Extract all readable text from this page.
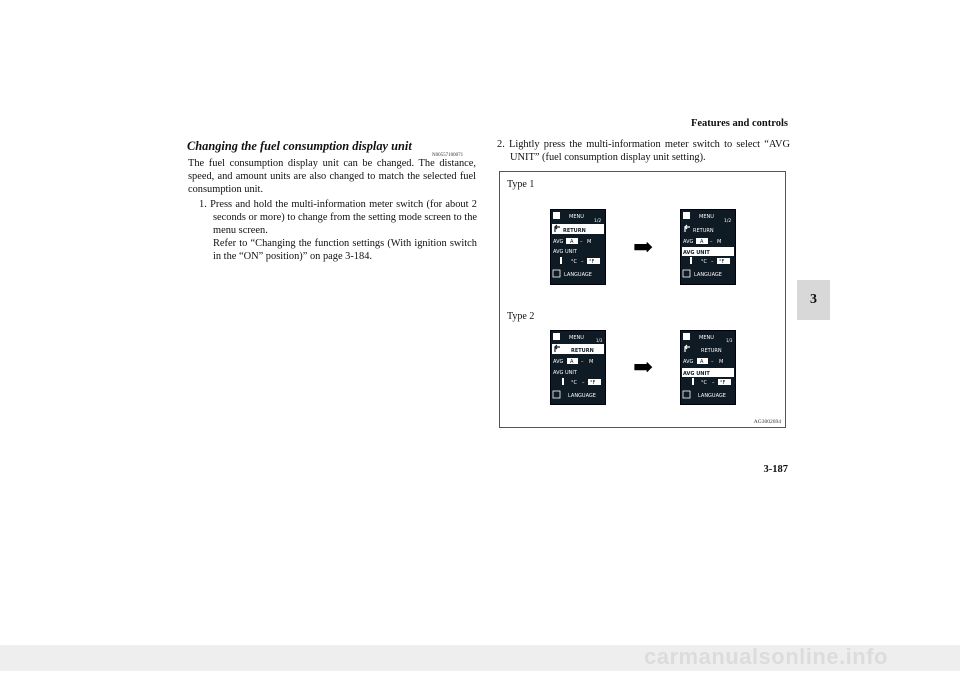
Features and controls
3
3-187
Changing the fuel consumption display unit
N00557100071
The fuel consumption display unit can be changed. The distance, speed, and amount units are also changed to match the selected fuel consumption unit.
1. Press and hold the multi-information meter switch (for about 2 seconds or more) to change from the setting mode screen to the menu screen.
Refer to “Changing the function settings (With ignition switch in the “ON” position)” on page 3-184.
2. Lightly press the multi-information meter switch to select “AVG UNIT” (fuel consumption display unit setting).
Type 1
Type 2
AG3002694
MENU
1/2
RETURN
AVG A – M
AVG UNIT
°C – °F
LANGUAGE
➡
MENU
1/2
RETURN
AVG A – M
AVG UNIT
°C – °F
LANGUAGE
MENU	1/3
RETURN
AVG A – M
AVG UNIT
°C – °F
LANGUAGE
➡
MENU	1/3
RETURN
AVG A – M
AVG UNIT
°C – °F
LANGUAGE
carmanualsonline.info
